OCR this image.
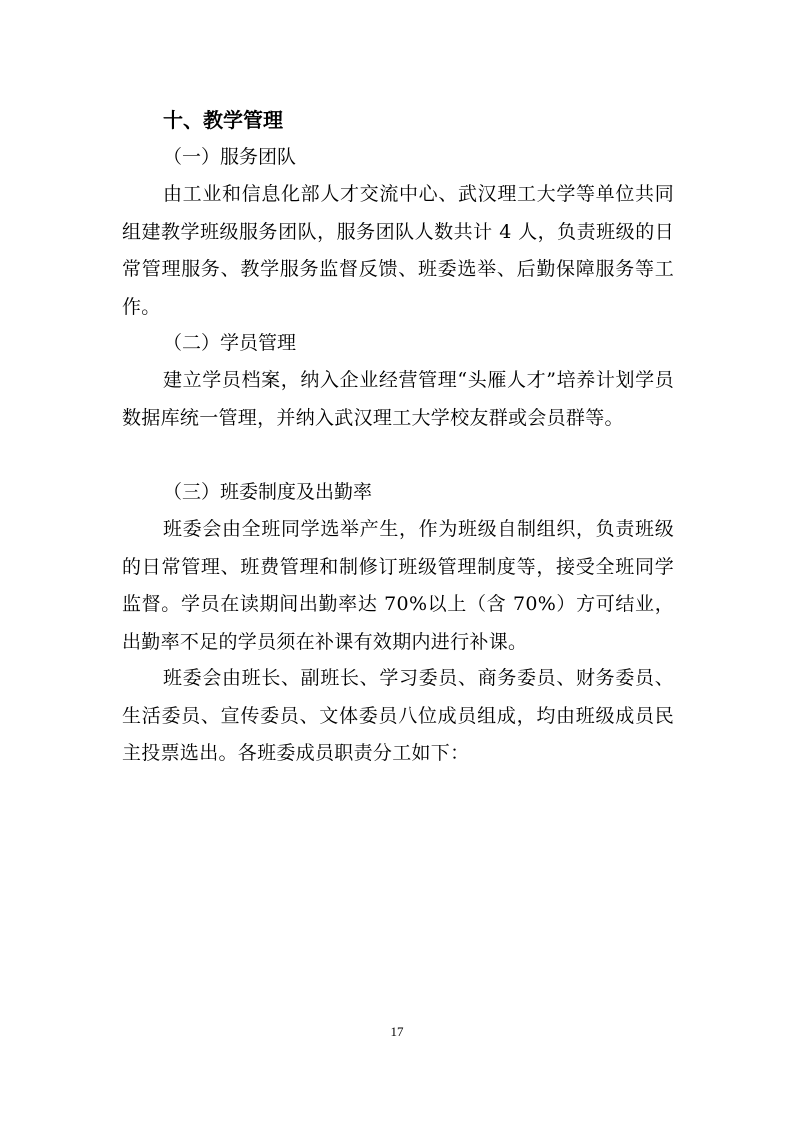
十、教学管理
（一）服务团队
由工业和信息化部人才交流中心、武汉理工大学等单位共同组建教学班级服务团队，服务团队人数共计 4 人，负责班级的日常管理服务、教学服务监督反馈、班委选举、后勤保障服务等工作。
（二）学员管理
建立学员档案，纳入企业经营管理“头雁人才”培养计划学员数据库统一管理，并纳入武汉理工大学校友群或会员群等。
（三）班委制度及出勤率
班委会由全班同学选举产生，作为班级自制组织，负责班级的日常管理、班费管理和制修订班级管理制度等，接受全班同学监督。学员在读期间出勤率达 70%以上（含 70%）方可结业，出勤率不足的学员须在补课有效期内进行补课。
班委会由班长、副班长、学习委员、商务委员、财务委员、生活委员、宣传委员、文体委员八位成员组成，均由班级成员民主投票选出。各班委成员职责分工如下：
17
